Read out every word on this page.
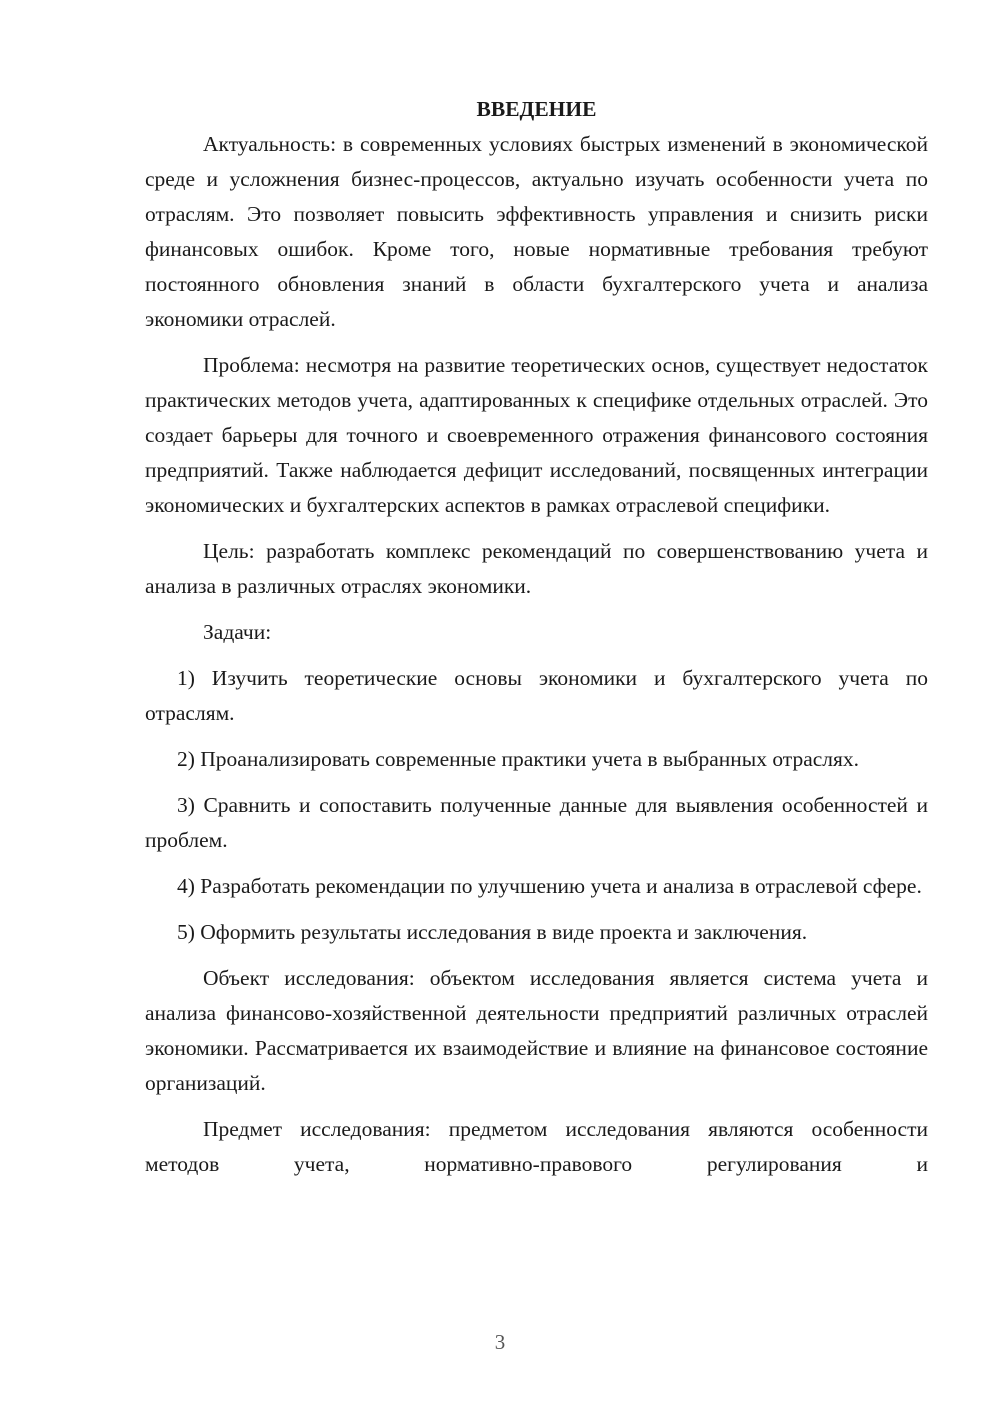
ВВЕДЕНИЕ

Актуальность: в современных условиях быстрых изменений в экономической среде и усложнения бизнес-процессов, актуально изучать особенности учета по отраслям. Это позволяет повысить эффективность управления и снизить риски финансовых ошибок. Кроме того, новые нормативные требования требуют постоянного обновления знаний в области бухгалтерского учета и анализа экономики отраслей.

Проблема: несмотря на развитие теоретических основ, существует недостаток практических методов учета, адаптированных к специфике отдельных отраслей. Это создает барьеры для точного и своевременного отражения финансового состояния предприятий. Также наблюдается дефицит исследований, посвященных интеграции экономических и бухгалтерских аспектов в рамках отраслевой специфики.

Цель: разработать комплекс рекомендаций по совершенствованию учета и анализа в различных отраслях экономики.

Задачи:

1) Изучить теоретические основы экономики и бухгалтерского учета по отраслям.

2) Проанализировать современные практики учета в выбранных отраслях.

3) Сравнить и сопоставить полученные данные для выявления особенностей и проблем.

4) Разработать рекомендации по улучшению учета и анализа в отраслевой сфере.

5) Оформить результаты исследования в виде проекта и заключения.

Объект исследования: объектом исследования является система учета и анализа финансово-хозяйственной деятельности предприятий различных отраслей экономики. Рассматривается их взаимодействие и влияние на финансовое состояние организаций.

Предмет исследования: предметом исследования являются особенности методов учета, нормативно-правового регулирования и

3
